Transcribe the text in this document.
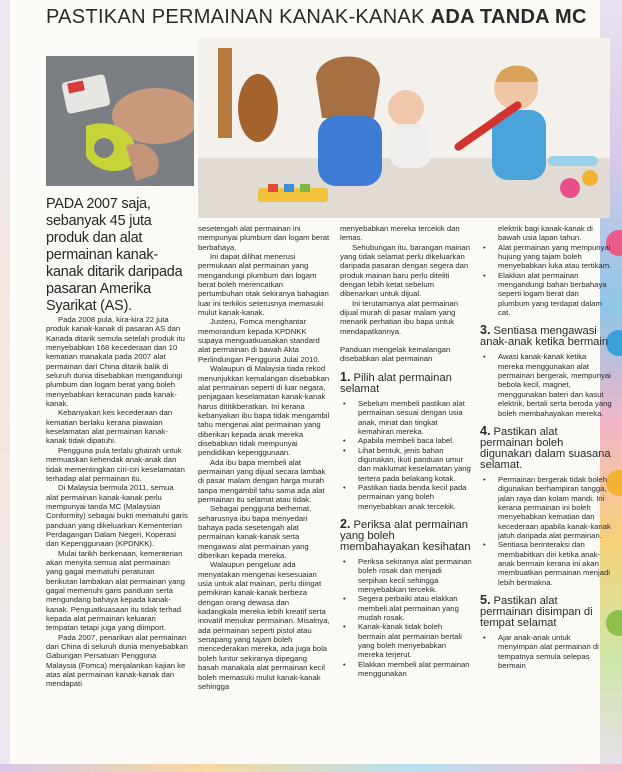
PASTIKAN PERMAINAN KANAK-KANAK ADA TANDA MC
PADA 2007 saja, sebanyak 45 juta produk dan alat permainan kanak-kanak ditarik daripada pasaran Amerika Syarikat (AS).

Pada 2008 pula, kira-kira 22 juta produk kanak-kanak di pasaran AS dan Kanada ditarik semula setelah produk itu menyebabkan 168 kecederaan dan 10 kematian manakala pada 2007 alat permainan dari China ditarik balik di seluruh dunia disebabkan mengandungi plumbum dan logam berat yang boleh menyebabkan keracunan pada kanak-kanak.

Kebanyakan kes kecederaan dan kematian berlaku kerana piawaian keselamatan alat permainan kanak-kanak tidak dipatuhi.

Pengguna pula terlalu ghairah untuk memuaskan kehendak anak-anak dan tidak mementingkan ciri-ciri keselamatan terhadap alat permainan itu.

Di Malaysia bermula 2011, semua alat permainan kanak-kanak perlu mempunyai tanda MC (Malaysian Conformity) sebagai bukti mematuhi garis panduan yang dikeluarkan Kementerian Perdagangan Dalam Negeri, Koperasi dan Kepenggunaan (KPDNKK).

Mulai tarikh berkenaan, kementerian akan menyita semua alat permainan yang gagal mematuhi peraturan berikutan lambakan alat permainan yang gagal memenuhi garis panduan serta mengundang bahaya kepada kanak-kanak. Penguatkuasaan itu tidak terhad kepada alat permainan keluaran tempatan tetapi juga yang diimport.

Pada 2007, penarikan alat permainan dari China di seluruh dunia menyebabkan Gabungan Persatuan Pengguna Malaysia (Fomca) menjalankan kajian ke atas alat permainan kanak-kanak dan mendapati

sesetengah alat permainan ini mempunyai plumbum dan logam berat berbahaya.

Ini dapat dilihat menerusi permukaan alat permainan yang mengandungi plumbum dan logam berat boleh merencatkan pertumbuhan otak sekiranya bahagian luar ini terkikis seterusnya memasuki mulut kanak-kanak.

Justeru, Fomca menghantar memorandum kepada KPDNKK supaya menguatkuasakan standard alat permainan di bawah Akta Perlindungan Pengguna Julai 2010.

Walaupun di Malaysia tiada rekod menunjukkan kemalangan disebabkan alat permainan seperti di luar negara, penjagaan keselamatan kanak-kanak harus dititikberatkan. Ini kerana kebanyakan ibu bapa tidak mengambil tahu mengenai alat permainan yang diberikan kepada anak mereka disebabkan tidak mempunyai pendidikan kepenggunaan.

Ada ibu bapa membeli alat permainan yang dijual secara lambak di pasar malam dengan harga murah tanpa mengambil tahu sama ada alat permainan itu selamat atau tidak.

Sebagai pengguna berhemat, seharusnya ibu bapa menyedari bahaya pada sesetengah alat permainan kanak-kanak serta mengawasi alat permainan yang diberikan kepada mereka.

Walaupun pengeluar ada menyatakan mengenai kesesuaian usia untuk alat mainan, perlu diingat pemikiran kanak-kanak berbeza dengan orang dewasa dan kadangkala mereka lebih kreatif serta inovatif menukar permainan. Misalnya, ada permainan seperti pistol atau senapang yang tajam boleh mencederakan mereka, ada juga bola boleh luntur sekiranya dipegang basah manakala alat permainan kecil boleh memasuki mulut kanak-kanak sehingga

menyebabkan mereka tercekik dan lemas.

Sehubungan itu, barangan mainan yang tidak selamat perlu dikeluarkan daripada pasaran dengan segera dan produk mainan baru perlu diteliti dengan lebih ketat sebelum dibenarkan untuk dijual.

Ini terutamanya alat permainan dijual murah di pasar malam yang menarik perhatian ibu bapa untuk mendapatkannya.

Panduan mengelak kemalangan disebabkan alat permainan

1. Pilih alat permainan selamat
• Sebelum membeli pastikan alat permainan sesuai dengan usia anak, minat dan tingkat kemahiran mereka.
• Apabila membeli baca label.
• Lihat bentuk, jenis bahan digunakan, ikuti panduan umur dan maklumat keselamatan yang tertera pada belakang kotak.
• Pastikan tiada benda kecil pada permainan yang boleh menyebabkan anak tercekik.
2. Periksa alat permainan yang boleh membahayakan kesihatan
• Periksa sekiranya alat permainan boleh rosak dan menjadi serpihan kecil sehingga menyebabkan tercekik.
• Segera perbaiki atau elakkan membeli alat permainan yang mudah rosak.
• Kanak-kanak tidak boleh bermain alat permainan bertali yang boleh menyebabkan mereka terjerut.
• Elakkan membeli alat permainan menggunakan

elektrik bagi kanak-kanak di bawah usia lapan tahun.

• Alat permainan yang mempunyai hujung yang tajam boleh menyebabkan luka atau tertikam.
• Elakkan alat permainan mengandungi bahan berbahaya seperti logam berat dan plumbum yang terdapat dalam cat.
3. Sentiasa mengawasi anak-anak ketika bermain
• Awasi kanak-kanak ketika mereka menggunakan alat permainan bergerak, mempunyai bebola kecil, magnet, menggunakan bateri dan kasut elektrik, bertali serta beroda yang boleh membahayakan mereka.
4. Pastikan alat permainan boleh digunakan dalam suasana selamat.
• Permainan bergerak tidak boleh digunakan berhampiran tangga, jalan raya dan kolam mandi. Ini kerana permainan ini boleh menyebabkan kematian dan kecederaan apabila kanak-kanak jatuh daripada alat permainan.
• Sentiasa berinteraksi dan membabitkan diri ketika anak-anak bermain kerana ini akan membuatkan permainan menjadi lebih bermakna.
5. Pastikan alat permainan disimpan di tempat selamat
• Ajar anak-anak untuk menyimpan alat permainan di tempatnya semula selepas bermain
